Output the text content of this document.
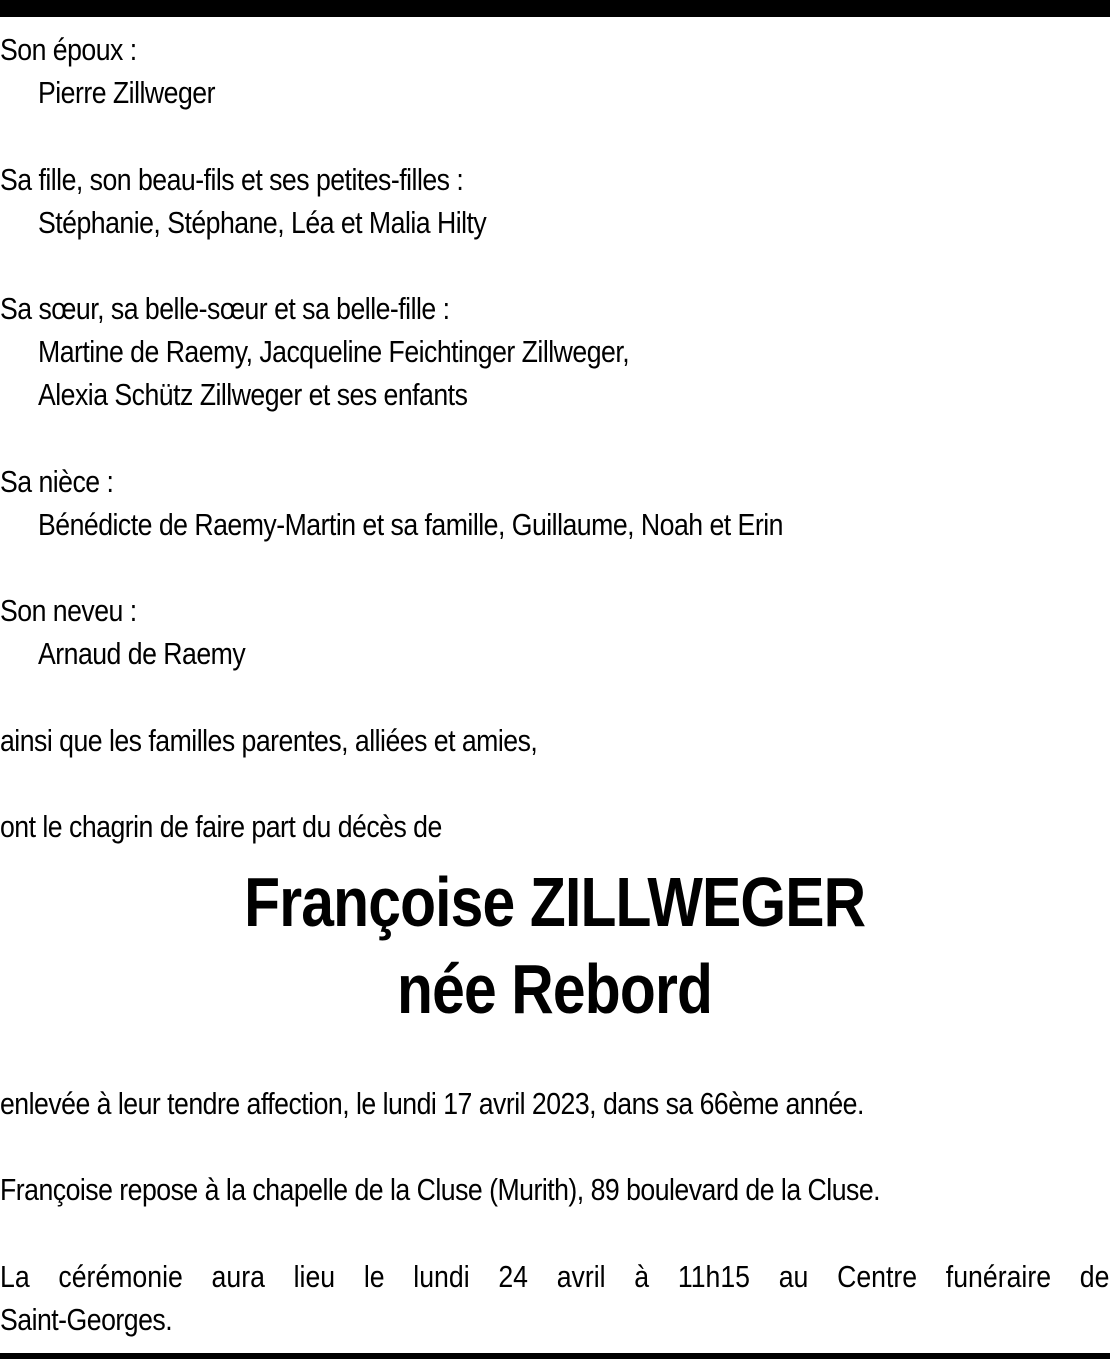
Son époux :
Pierre Zillweger
Sa fille, son beau-fils et ses petites-filles :
Stéphanie, Stéphane, Léa et Malia Hilty
Sa sœur, sa belle-sœur et sa belle-fille :
Martine de Raemy, Jacqueline Feichtinger Zillweger,
Alexia Schütz Zillweger et ses enfants
Sa nièce :
Bénédicte de Raemy-Martin et sa famille, Guillaume, Noah et Erin
Son neveu :
Arnaud de Raemy
ainsi que les familles parentes, alliées et amies,
ont le chagrin de faire part du décès de
Françoise ZILLWEGER
née Rebord
enlevée à leur tendre affection, le lundi 17 avril 2023, dans sa 66ème année.
Françoise repose à la chapelle de la Cluse (Murith), 89 boulevard de la Cluse.
La cérémonie aura lieu le lundi 24 avril à 11h15 au Centre funéraire de
Saint-Georges.
